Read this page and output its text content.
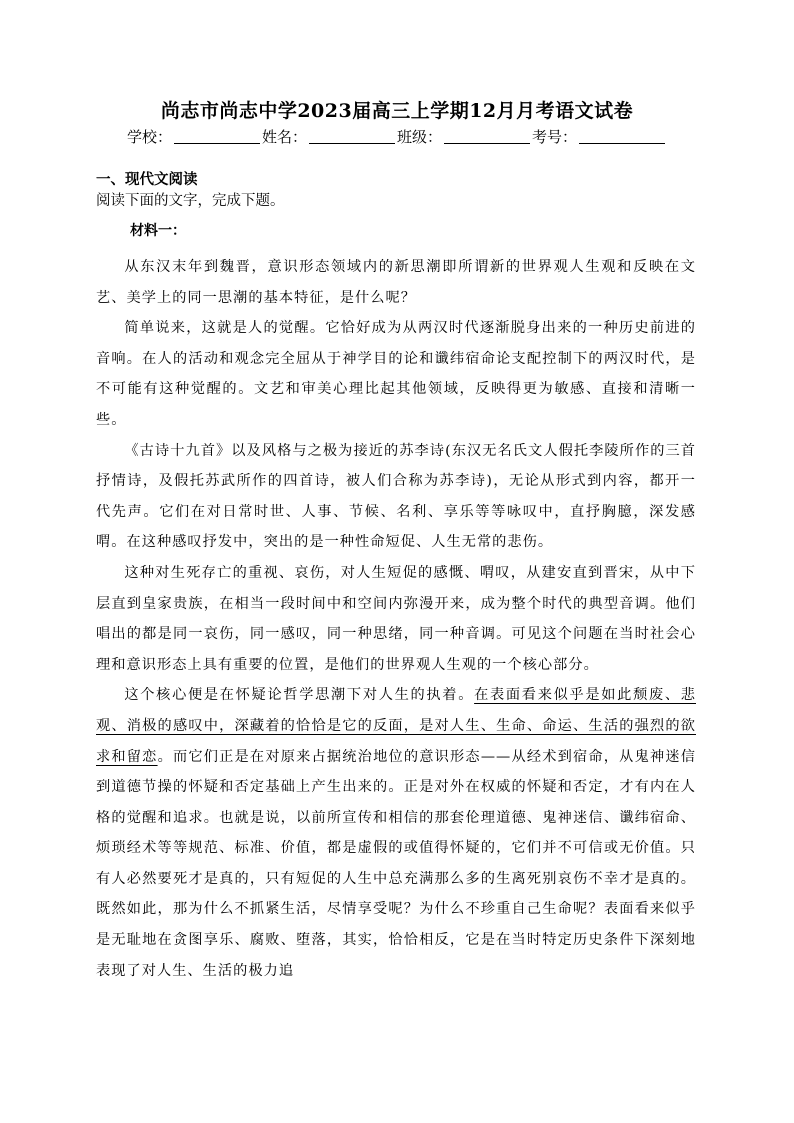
尚志市尚志中学2023届高三上学期12月月考语文试卷
学校：	姓名：	班级：	考号：
一、现代文阅读
阅读下面的文字，完成下题。
材料一：

从东汉末年到魏晋，意识形态领域内的新思潮即所谓新的世界观人生观和反映在文艺、美学上的同一思潮的基本特征，是什么呢？

简单说来，这就是人的觉醒。它恰好成为从两汉时代逐渐脱身出来的一种历史前进的音响。在人的活动和观念完全屈从于神学目的论和谶纬宿命论支配控制下的两汉时代，是不可能有这种觉醒的。文艺和审美心理比起其他领域，反映得更为敏感、直接和清晰一些。

《古诗十九首》以及风格与之极为接近的苏李诗(东汉无名氏文人假托李陵所作的三首抒情诗，及假托苏武所作的四首诗，被人们合称为苏李诗)，无论从形式到内容，都开一代先声。它们在对日常时世、人事、节候、名利、享乐等等咏叹中，直抒胸臆，深发感喟。在这种感叹抒发中，突出的是一种性命短促、人生无常的悲伤。

这种对生死存亡的重视、哀伤，对人生短促的感慨、喟叹，从建安直到晋宋，从中下层直到皇家贵族，在相当一段时间中和空间内弥漫开来，成为整个时代的典型音调。他们唱出的都是同一哀伤，同一感叹，同一种思绪，同一种音调。可见这个问题在当时社会心理和意识形态上具有重要的位置，是他们的世界观人生观的一个核心部分。

这个核心便是在怀疑论哲学思潮下对人生的执着。在表面看来似乎是如此颓废、悲观、消极的感叹中，深藏着的恰恰是它的反面，是对人生、生命、命运、生活的强烈的欲求和留恋。而它们正是在对原来占据统治地位的意识形态——从经术到宿命，从鬼神迷信到道德节操的怀疑和否定基础上产生出来的。正是对外在权威的怀疑和否定，才有内在人格的觉醒和追求。也就是说，以前所宣传和相信的那套伦理道德、鬼神迷信、谶纬宿命、烦琐经术等等规范、标准、价值，都是虚假的或值得怀疑的，它们并不可信或无价值。只有人必然要死才是真的，只有短促的人生中总充满那么多的生离死别哀伤不幸才是真的。既然如此，那为什么不抓紧生活，尽情享受呢？为什么不珍重自己生命呢？表面看来似乎是无耻地在贪图享乐、腐败、堕落，其实，恰恰相反，它是在当时特定历史条件下深刻地表现了对人生、生活的极力追
